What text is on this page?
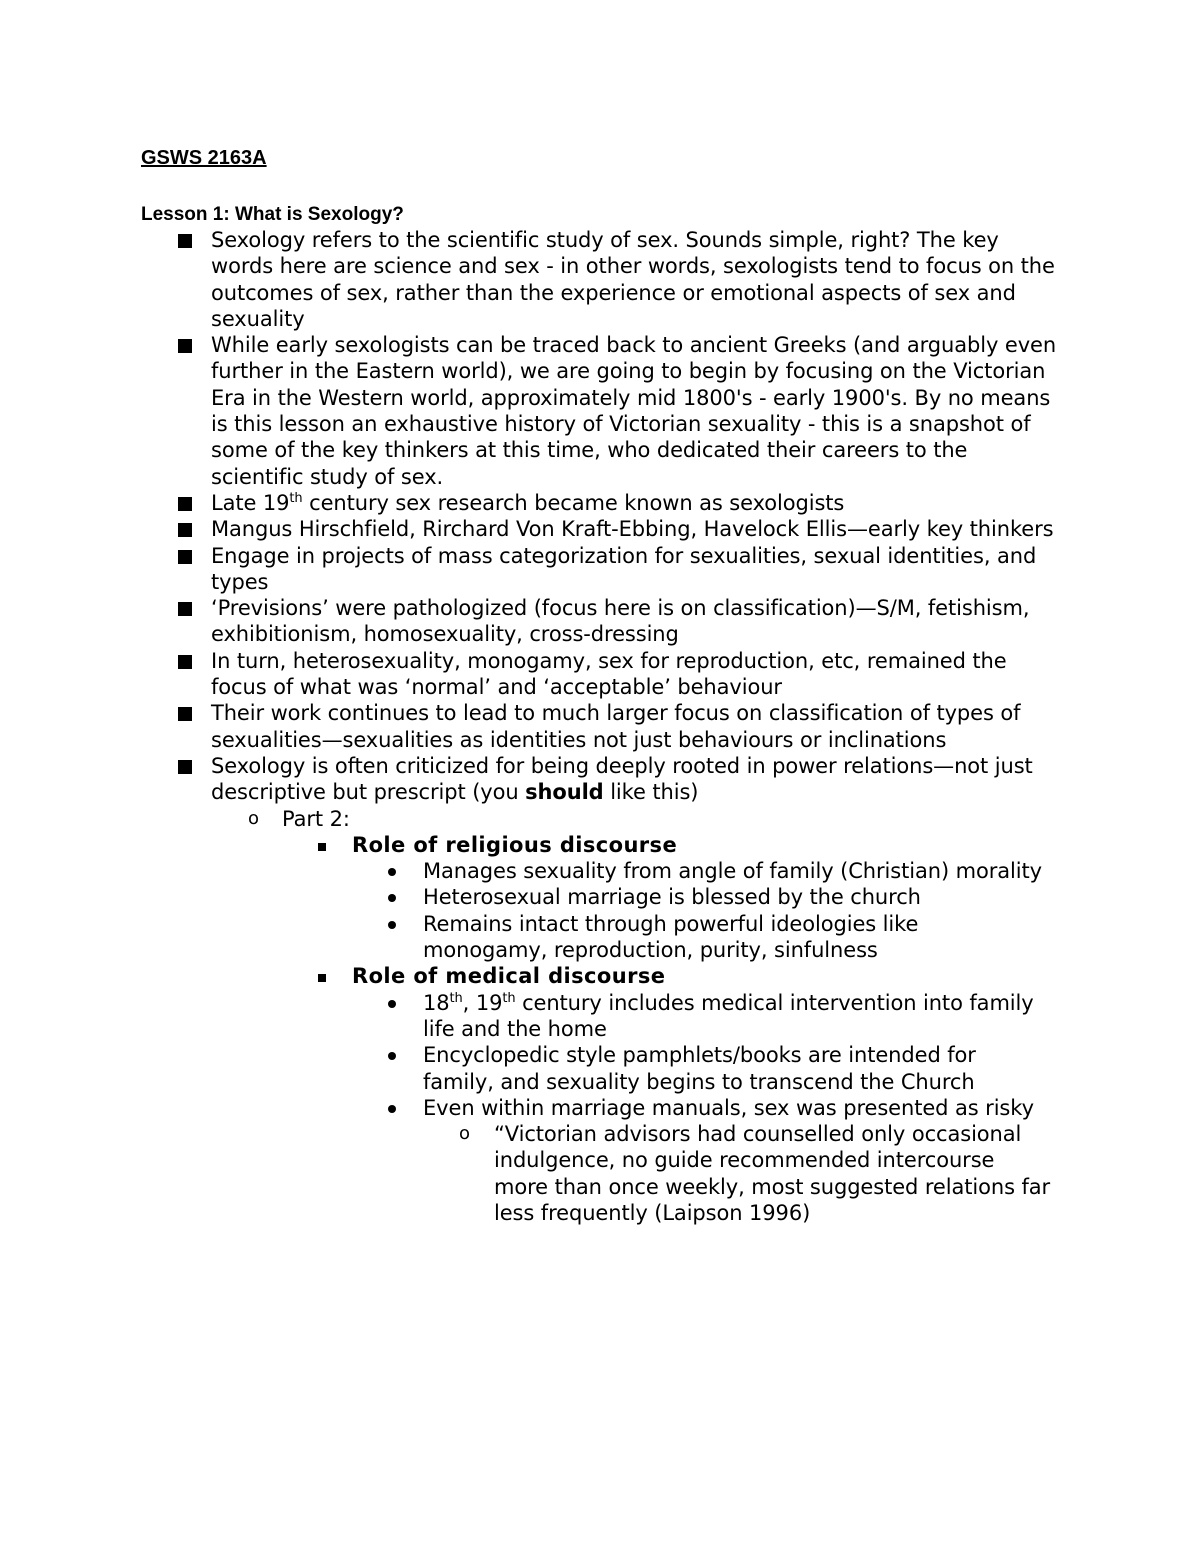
GSWS 2163A

Lesson 1: What is Sexology?

Sexology refers to the scientific study of sex. Sounds simple, right? The key words here are science and sex - in other words, sexologists tend to focus on the outcomes of sex, rather than the experience or emotional aspects of sex and sexuality
While early sexologists can be traced back to ancient Greeks (and arguably even further in the Eastern world), we are going to begin by focusing on the Victorian Era in the Western world, approximately mid 1800's - early 1900's. By no means is this lesson an exhaustive history of Victorian sexuality - this is a snapshot of some of the key thinkers at this time, who dedicated their careers to the scientific study of sex.
Late 19th century sex research became known as sexologists
Mangus Hirschfield, Rirchard Von Kraft-Ebbing, Havelock Ellis—early key thinkers
Engage in projects of mass categorization for sexualities, sexual identities, and types
‘Previsions’ were pathologized (focus here is on classification)—S/M, fetishism, exhibitionism, homosexuality, cross-dressing
In turn, heterosexuality, monogamy, sex for reproduction, etc, remained the focus of what was ‘normal’ and ‘acceptable’ behaviour
Their work continues to lead to much larger focus on classification of types of sexualities—sexualities as identities not just behaviours or inclinations
Sexology is often criticized for being deeply rooted in power relations—not just descriptive but prescript (you should like this)
o Part 2:
Role of religious discourse
Manages sexuality from angle of family (Christian) morality
Heterosexual marriage is blessed by the church
Remains intact through powerful ideologies like monogamy, reproduction, purity, sinfulness
Role of medical discourse
18th, 19th century includes medical intervention into family life and the home
Encyclopedic style pamphlets/books are intended for family, and sexuality begins to transcend the Church
Even within marriage manuals, sex was presented as risky
o “Victorian advisors had counselled only occasional indulgence, no guide recommended intercourse more than once weekly, most suggested relations far less frequently (Laipson 1996)
